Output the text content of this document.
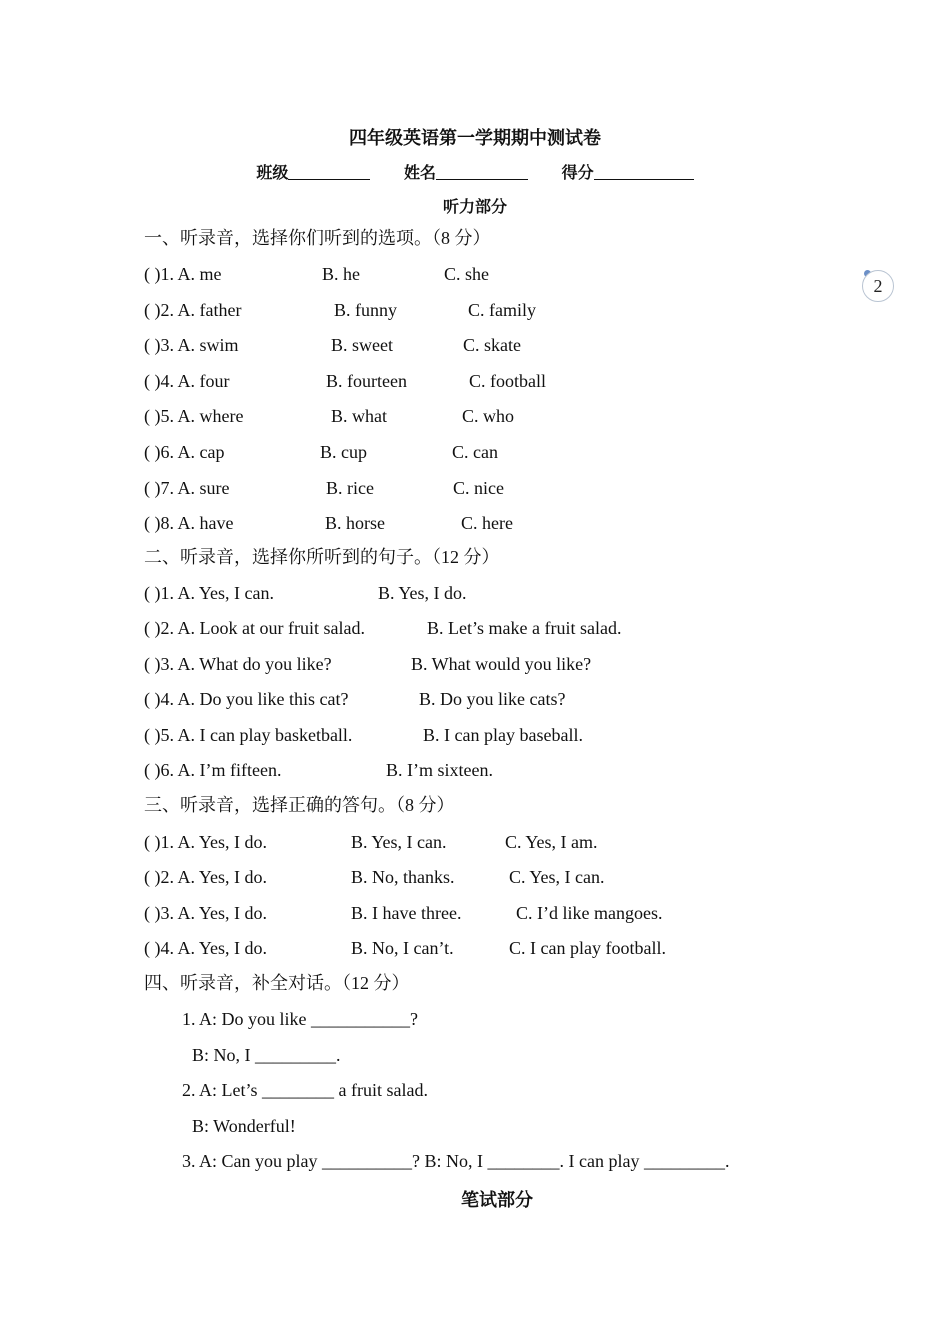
四年级英语第一学期期中测试卷
班级	姓名	得分
听力部分
2
一、听录音，选择你们听到的选项。（8 分）
( )1. A. me	B. he	C. she
( )2. A. father	B. funny	C. family
( )3. A. swim	B. sweet	C. skate
( )4. A. four	B. fourteen	C. football
( )5. A. where	B. what	C. who
( )6. A. cap	B. cup	C. can
( )7. A. sure	B. rice	C. nice
( )8. A. have	B. horse	C. here
二、听录音，选择你所听到的句子。（12 分）
( )1. A. Yes, I can.	B. Yes, I do.
( )2. A. Look at our fruit salad.	B. Let’s make a fruit salad.
( )3. A. What do you like?	B. What would you like?
( )4. A. Do you like this cat?	B. Do you like cats?
( )5. A. I can play basketball.	B. I can play baseball.
( )6. A. I’m fifteen.	B. I’m sixteen.
三、听录音，选择正确的答句。（8 分）
( )1. A. Yes, I do.	B. Yes, I can.	C. Yes, I am.
( )2. A. Yes, I do.	B. No, thanks.	C. Yes, I can.
( )3. A. Yes, I do.	B. I have three.	C. I’d like mangoes.
( )4. A. Yes, I do.	B. No, I can’t.	C. I can play football.
四、听录音，补全对话。（12 分）
1. A: Do you like ___________?
B: No, I _________.
2. A: Let’s ________ a fruit salad.
B: Wonderful!
3. A: Can you play __________? B: No, I ________. I can play _________.
笔试部分
